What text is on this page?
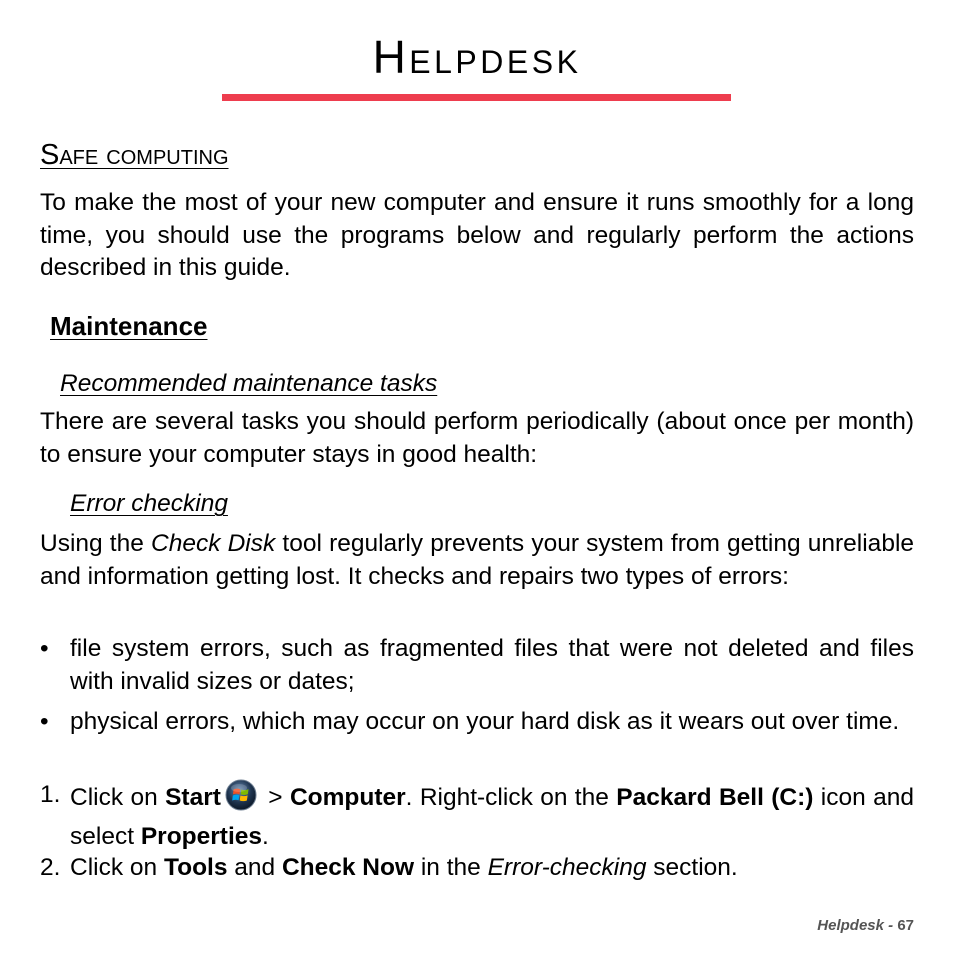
Helpdesk
Safe computing

To make the most of your new computer and ensure it runs smoothly for a long time, you should use the programs below and regularly perform the actions described in this guide.

Maintenance
Recommended maintenance tasks

There are several tasks you should perform periodically (about once per month) to ensure your computer stays in good health:

Error checking

Using the Check Disk tool regularly prevents your system from getting unreliable and information getting lost. It checks and repairs two types of errors:

• file system errors, such as fragmented files that were not deleted and files with invalid sizes or dates;
• physical errors, which may occur on your hard disk as it wears out over time.
1. Click on Start > Computer. Right-click on the Packard Bell (C:) icon and select Properties.
2. Click on Tools and Check Now in the Error-checking section.
Helpdesk - 67
